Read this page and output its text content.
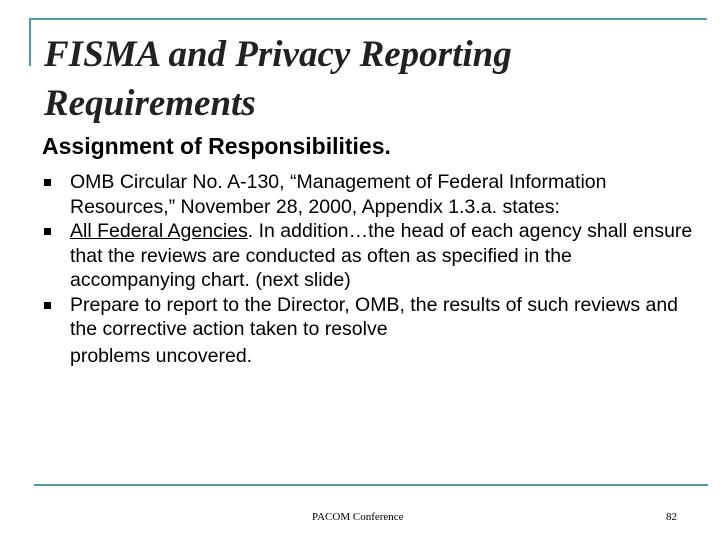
FISMA and Privacy Reporting Requirements
Assignment of Responsibilities.
OMB Circular No. A-130, “Management of Federal Information Resources,” November 28, 2000, Appendix 1.3.a. states:
All Federal Agencies. In addition…the head of each agency shall ensure that the reviews are conducted as often as specified in the accompanying chart. (next slide)
Prepare to report to the Director, OMB, the results of such reviews and the corrective action taken to resolve
problems uncovered.
PACOM Conference	82
